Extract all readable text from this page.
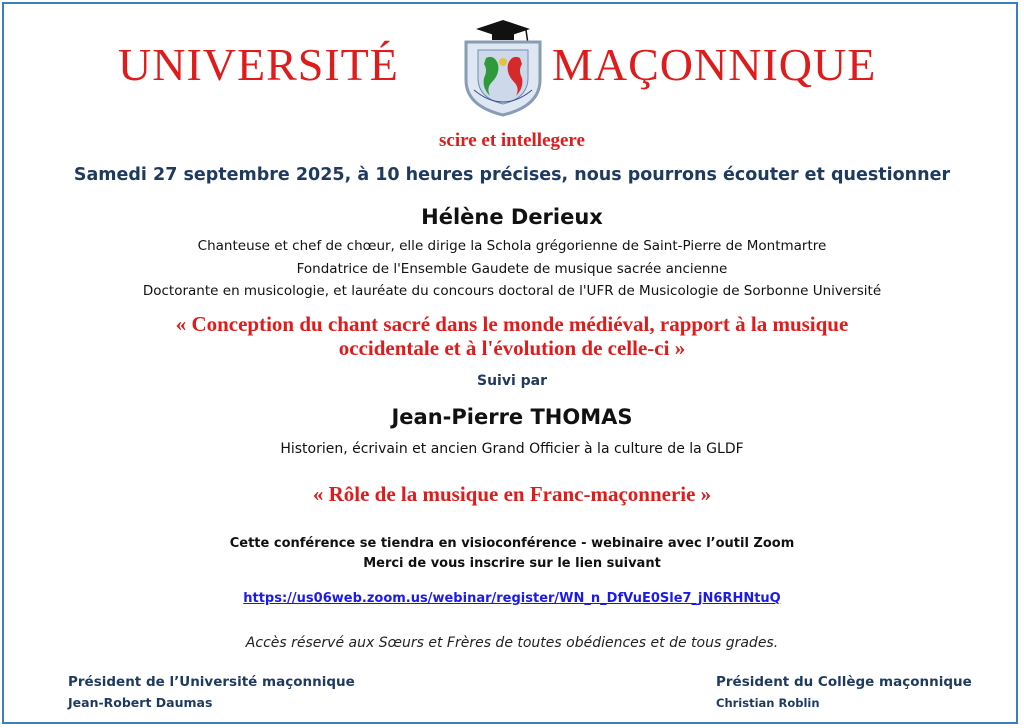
UNIVERSITÉ	MAÇONNIQUE
scire et intellegere
Samedi 27 septembre 2025, à 10 heures précises, nous pourrons écouter et questionner
Hélène Derieux
Chanteuse et chef de chœur, elle dirige la Schola grégorienne de Saint-Pierre de Montmartre
Fondatrice de l'Ensemble Gaudete de musique sacrée ancienne
Doctorante en musicologie, et lauréate du concours doctoral de l'UFR de Musicologie de Sorbonne Université
« Conception du chant sacré dans le monde médiéval, rapport à la musique
occidentale et à l'évolution de celle-ci »
Suivi par
Jean-Pierre THOMAS
Historien, écrivain et ancien Grand Officier à la culture de la GLDF
« Rôle de la musique en Franc-maçonnerie »
Cette conférence se tiendra en visioconférence - webinaire avec l’outil Zoom
Merci de vous inscrire sur le lien suivant
https://us06web.zoom.us/webinar/register/WN_n_DfVuE0Sle7_jN6RHNtuQ
Accès réservé aux Sœurs et Frères de toutes obédiences et de tous grades.
Président de l’Université maçonnique
Jean-Robert Daumas
Président du Collège maçonnique
Christian Roblin
